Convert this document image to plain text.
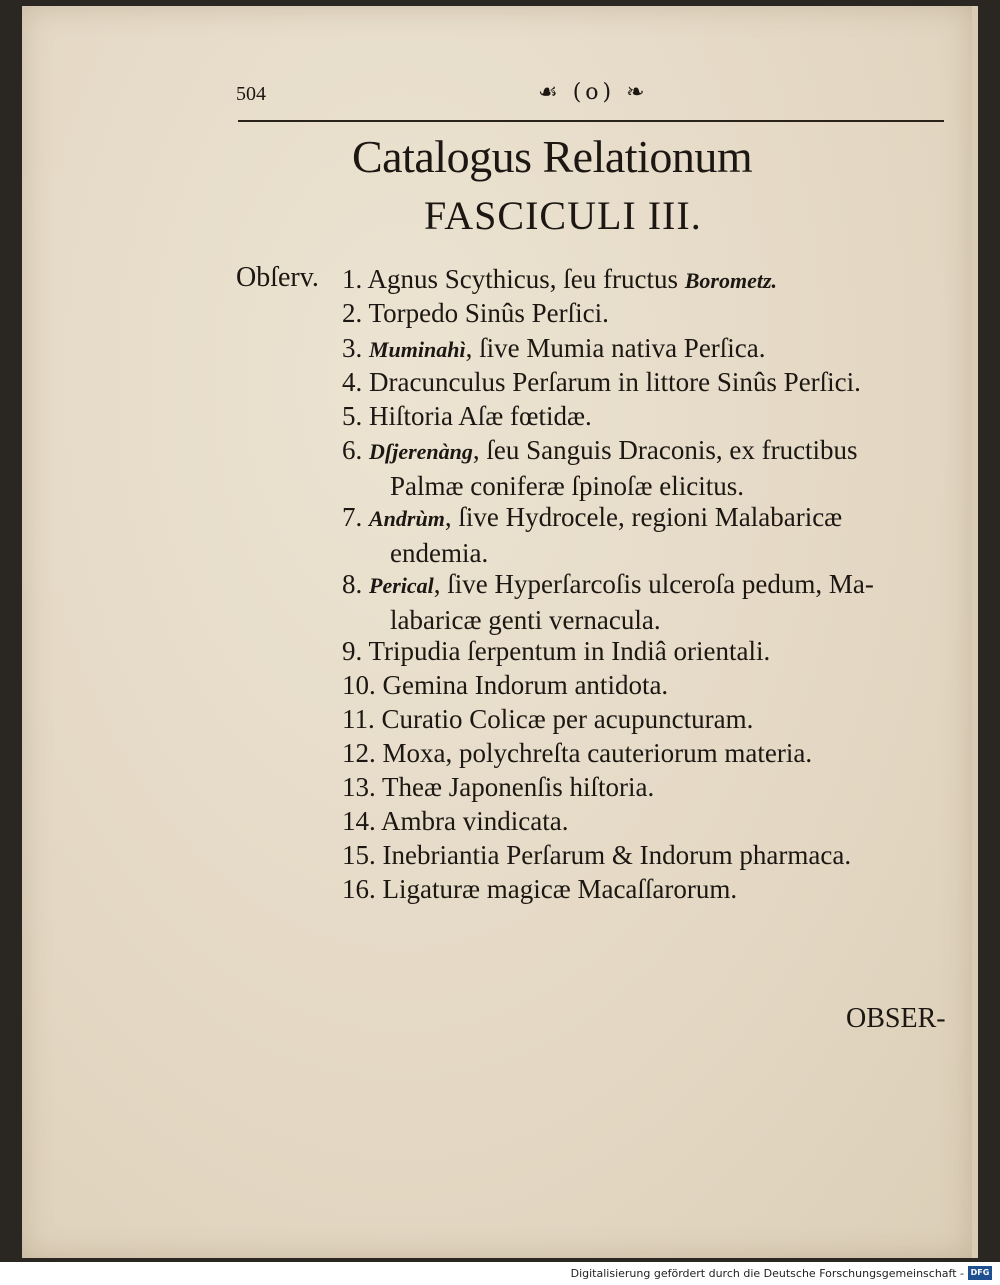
504	☙ (o) ❧
Catalogus Relationum
FASCICULI III.
Obſerv. 1. Agnus Scythicus, ſeu fructus Borometz.
2. Torpedo Sinûs Perſici.
3. Muminahì, ſive Mumia nativa Perſica.
4. Dracunculus Perſarum in littore Sinûs Perſici.
5. Hiſtoria Aſæ fœtidæ.
6. Dſjerenàng, ſeu Sanguis Draconis, ex fructibus
Palmæ coniferæ ſpinoſæ elicitus.
7. Andrùm, ſive Hydrocele, regioni Malabaricæ
endemia.
8. Perical, ſive Hyperſarcoſis ulceroſa pedum, Ma-
labaricæ genti vernacula.
9. Tripudia ſerpentum in Indiâ orientali.
10. Gemina Indorum antidota.
11. Curatio Colicæ per acupuncturam.
12. Moxa, polychreſta cauteriorum materia.
13. Theæ Japonenſis hiſtoria.
14. Ambra vindicata.
15. Inebriantia Perſarum & Indorum pharmaca.
16. Ligaturæ magicæ Macaſſarorum.
OBSER-
Digitalisierung gefördert durch die Deutsche Forschungsgemeinschaft - DFG
